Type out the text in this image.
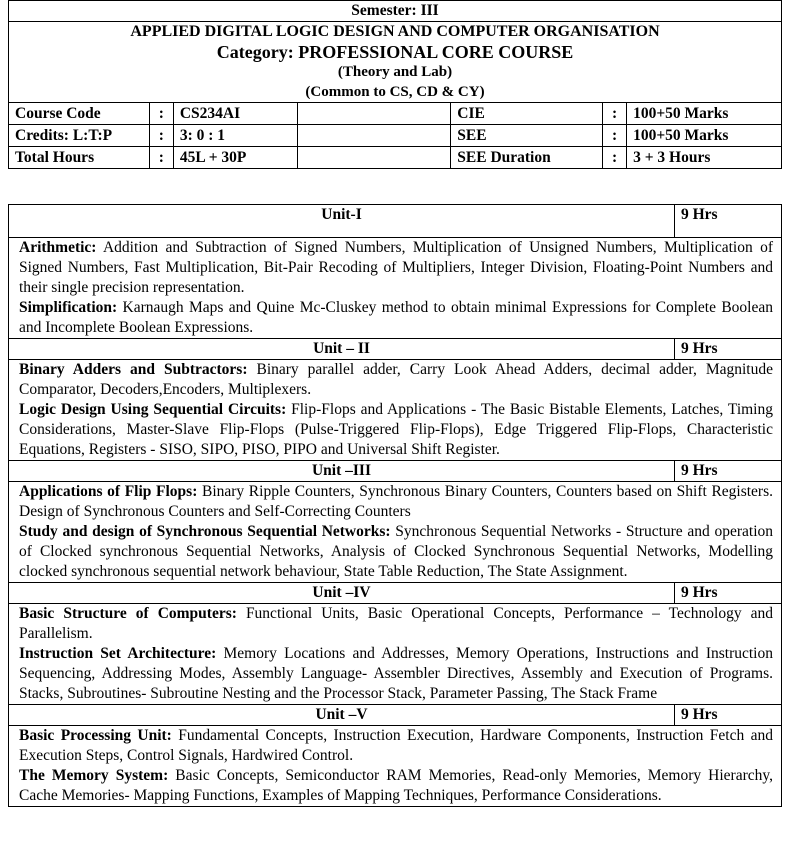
Semester: III

APPLIED DIGITAL LOGIC DESIGN AND COMPUTER ORGANISATION
Category: PROFESSIONAL CORE COURSE
(Theory and Lab)
(Common to CS, CD & CY)
Course Code	:	CS234AI		CIE	:	100+50 Marks
Credits: L:T:P	:	3: 0 : 1		SEE	:	100+50 Marks
Total Hours	:	45L + 30P		SEE Duration	:	3 + 3 Hours
Unit-I	9 Hrs

Arithmetic: Addition and Subtraction of Signed Numbers, Multiplication of Unsigned Numbers, Multiplication of Signed Numbers, Fast Multiplication, Bit-Pair Recoding of Multipliers, Integer Division, Floating-Point Numbers and their single precision representation.

Simplification: Karnaugh Maps and Quine Mc-Cluskey method to obtain minimal Expressions for Complete Boolean and Incomplete Boolean Expressions.	

Unit – II	9 Hrs

Binary Adders and Subtractors: Binary parallel adder, Carry Look Ahead Adders, decimal adder, Magnitude Comparator, Decoders,Encoders, Multiplexers.

Logic Design Using Sequential Circuits: Flip-Flops and Applications - The Basic Bistable Elements, Latches, Timing Considerations, Master-Slave Flip-Flops (Pulse-Triggered Flip-Flops), Edge Triggered Flip-Flops, Characteristic Equations, Registers - SISO, SIPO, PISO, PIPO and Universal Shift Register.	

Unit –III	9 Hrs

Applications of Flip Flops: Binary Ripple Counters, Synchronous Binary Counters, Counters based on Shift Registers. Design of Synchronous Counters and Self-Correcting Counters

Study and design of Synchronous Sequential Networks: Synchronous Sequential Networks - Structure and operation of Clocked synchronous Sequential Networks, Analysis of Clocked Synchronous Sequential Networks, Modelling clocked synchronous sequential network behaviour, State Table Reduction, The State Assignment.	

Unit –IV	9 Hrs

Basic Structure of Computers: Functional Units, Basic Operational Concepts, Performance – Technology and Parallelism.

Instruction Set Architecture: Memory Locations and Addresses, Memory Operations, Instructions and Instruction Sequencing, Addressing Modes, Assembly Language- Assembler Directives, Assembly and Execution of Programs. Stacks, Subroutines- Subroutine Nesting and the Processor Stack, Parameter Passing, The Stack Frame	

Unit –V	9 Hrs

Basic Processing Unit: Fundamental Concepts, Instruction Execution, Hardware Components, Instruction Fetch and Execution Steps, Control Signals, Hardwired Control.

The Memory System: Basic Concepts, Semiconductor RAM Memories, Read-only Memories, Memory Hierarchy, Cache Memories- Mapping Functions, Examples of Mapping Techniques, Performance Considerations.	
